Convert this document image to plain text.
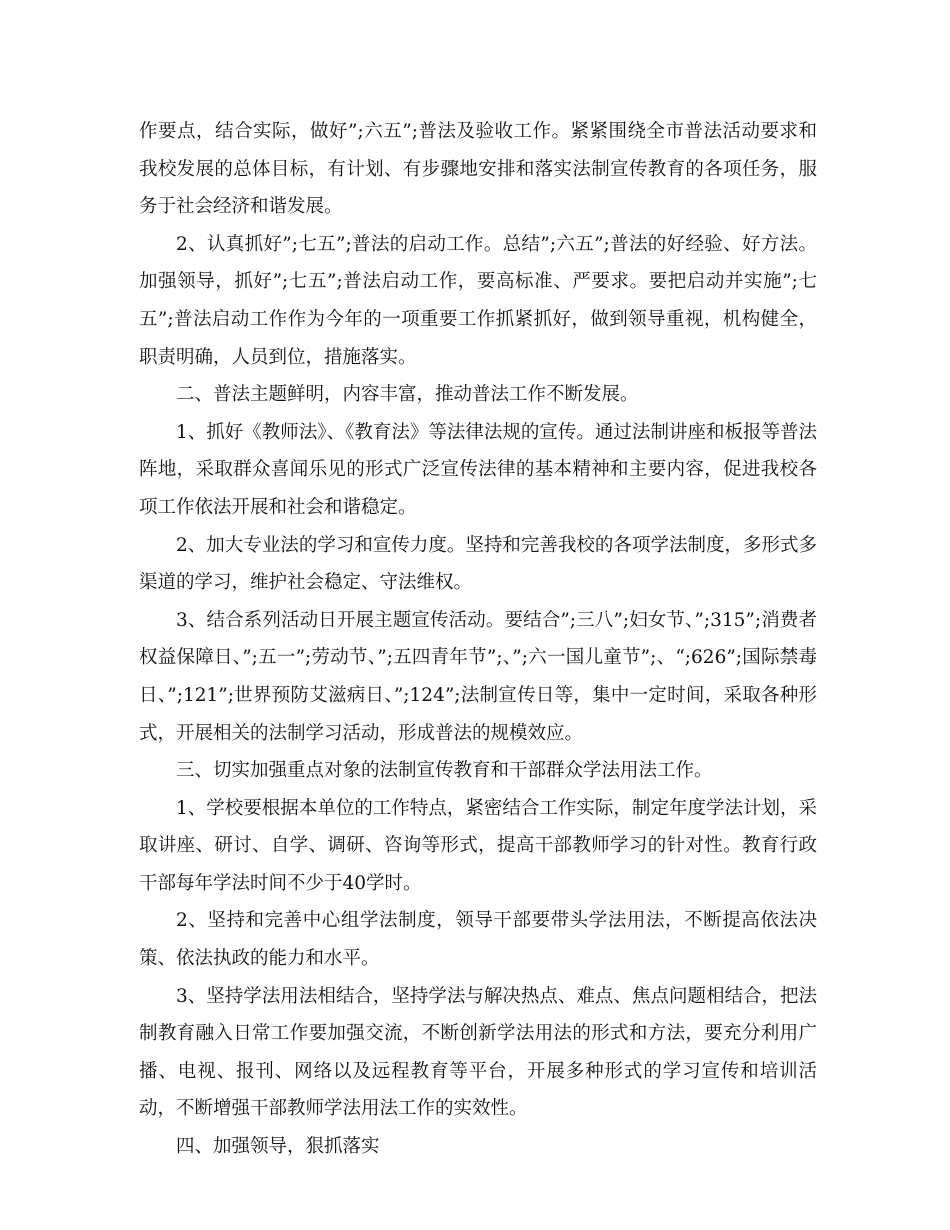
作要点，结合实际，做好”;六五”;普法及验收工作。紧紧围绕全市普法活动要求和我校发展的总体目标，有计划、有步骤地安排和落实法制宣传教育的各项任务，服务于社会经济和谐发展。

2、认真抓好”;七五”;普法的启动工作。总结”;六五”;普法的好经验、好方法。加强领导，抓好”;七五”;普法启动工作，要高标准、严要求。要把启动并实施”;七五”;普法启动工作作为今年的一项重要工作抓紧抓好，做到领导重视，机构健全，职责明确，人员到位，措施落实。

二、普法主题鲜明，内容丰富，推动普法工作不断发展。

1、抓好《教师法》、《教育法》等法律法规的宣传。通过法制讲座和板报等普法阵地，采取群众喜闻乐见的形式广泛宣传法律的基本精神和主要内容，促进我校各项工作依法开展和社会和谐稳定。

2、加大专业法的学习和宣传力度。坚持和完善我校的各项学法制度，多形式多渠道的学习，维护社会稳定、守法维权。

3、结合系列活动日开展主题宣传活动。要结合”;三八”;妇女节、”;315”;消费者权益保障日、”;五一”;劳动节、”;五四青年节”;、”;六一国儿童节”;、“;626”;国际禁毒日、”;121”;世界预防艾滋病日、”;124”;法制宣传日等，集中一定时间，采取各种形式，开展相关的法制学习活动，形成普法的规模效应。

三、切实加强重点对象的法制宣传教育和干部群众学法用法工作。

1、学校要根据本单位的工作特点，紧密结合工作实际，制定年度学法计划，采取讲座、研讨、自学、调研、咨询等形式，提高干部教师学习的针对性。教育行政干部每年学法时间不少于40学时。

2、坚持和完善中心组学法制度，领导干部要带头学法用法，不断提高依法决策、依法执政的能力和水平。

3、坚持学法用法相结合，坚持学法与解决热点、难点、焦点问题相结合，把法制教育融入日常工作要加强交流，不断创新学法用法的形式和方法，要充分利用广播、电视、报刊、网络以及远程教育等平台，开展多种形式的学习宣传和培训活动，不断增强干部教师学法用法工作的实效性。

四、加强领导，狠抓落实
